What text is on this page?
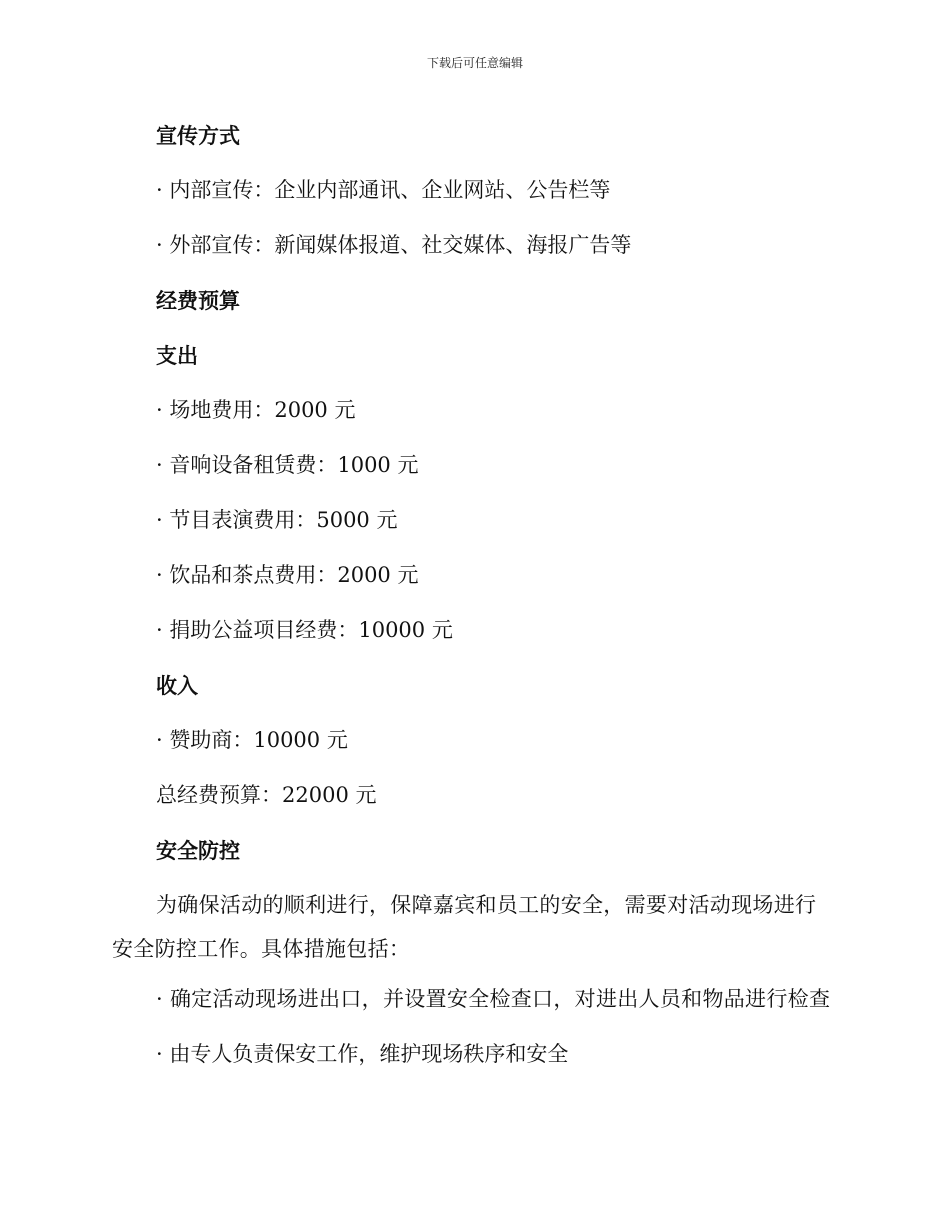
下载后可任意编辑
宣传方式
· 内部宣传：企业内部通讯、企业网站、公告栏等
· 外部宣传：新闻媒体报道、社交媒体、海报广告等
经费预算
支出
· 场地费用：2000 元
· 音响设备租赁费：1000 元
· 节目表演费用：5000 元
· 饮品和茶点费用：2000 元
· 捐助公益项目经费：10000 元
收入
· 赞助商：10000 元
总经费预算：22000 元
安全防控
为确保活动的顺利进行，保障嘉宾和员工的安全，需要对活动现场进行安全防控工作。具体措施包括：
· 确定活动现场进出口，并设置安全检查口，对进出人员和物品进行检查
· 由专人负责保安工作，维护现场秩序和安全
